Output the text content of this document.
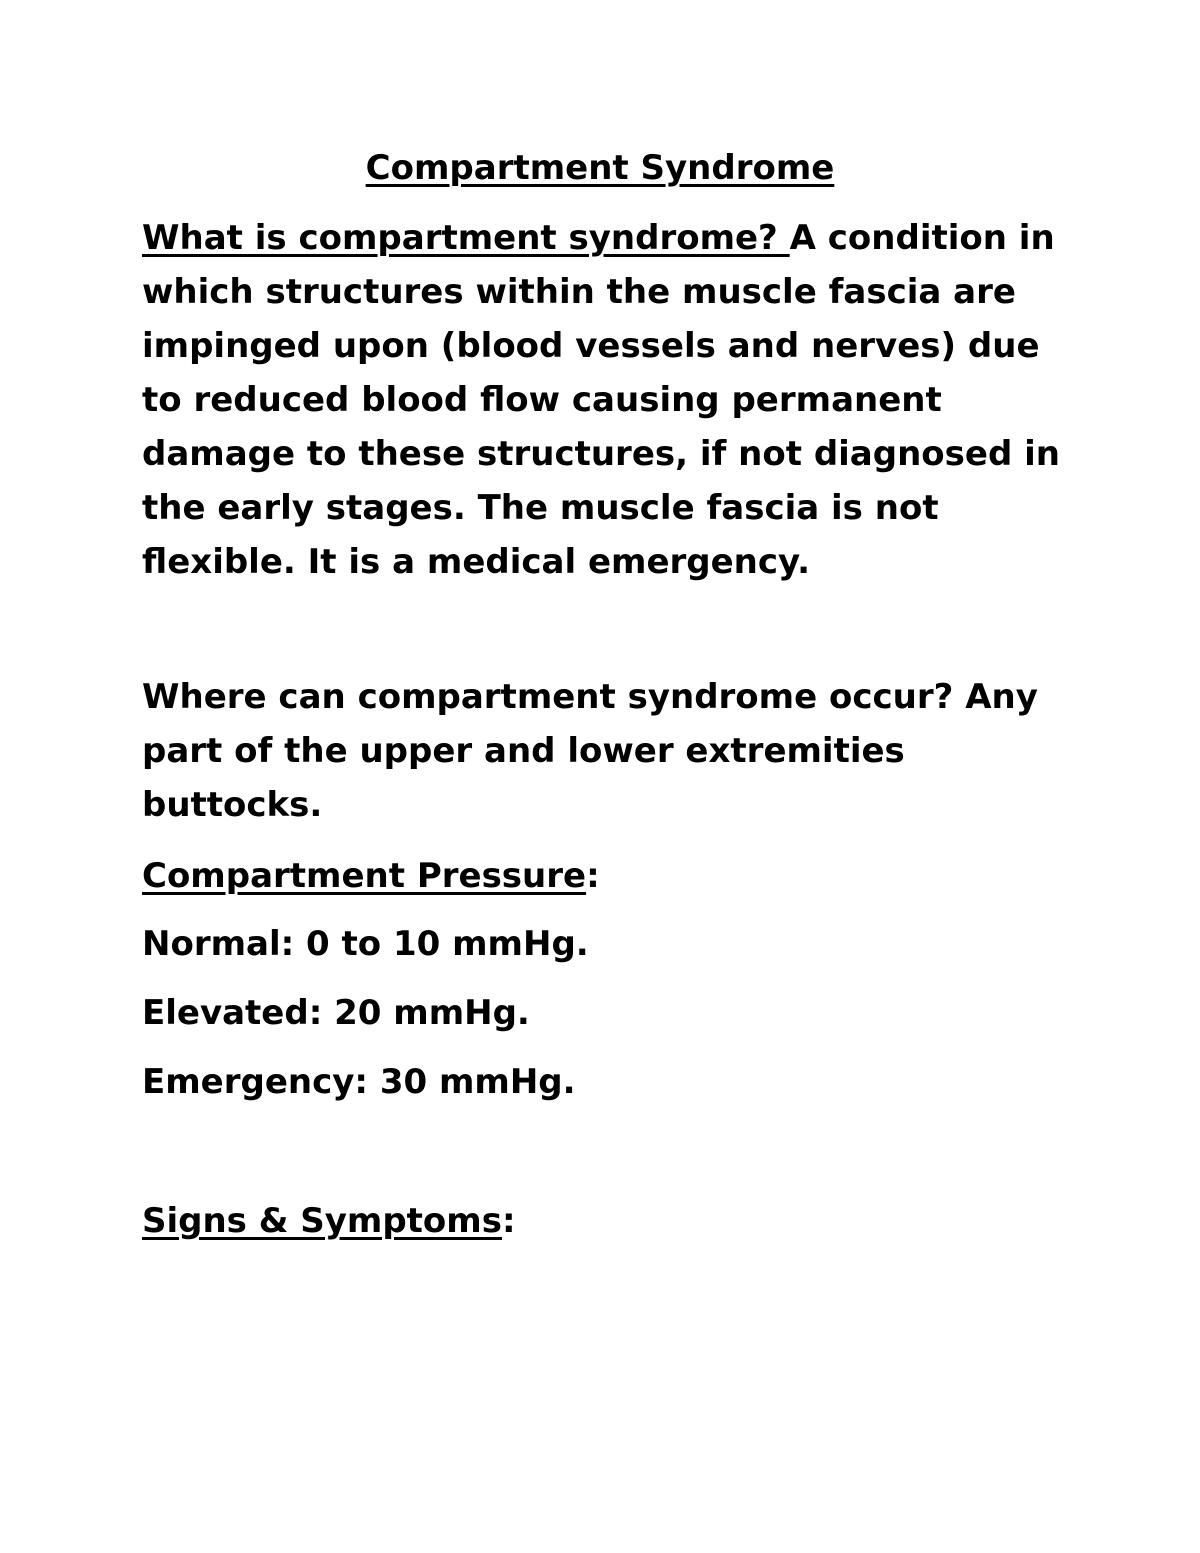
Compartment Syndrome
What is compartment syndrome? A condition in which structures within the muscle fascia are impinged upon (blood vessels and nerves) due to reduced blood flow causing permanent damage to these structures, if not diagnosed in the early stages. The muscle fascia is not flexible. It is a medical emergency.
Where can compartment syndrome occur? Any part of the upper and lower extremities buttocks.
Compartment Pressure:
Normal: 0 to 10 mmHg.
Elevated: 20 mmHg.
Emergency: 30 mmHg.
Signs & Symptoms:
